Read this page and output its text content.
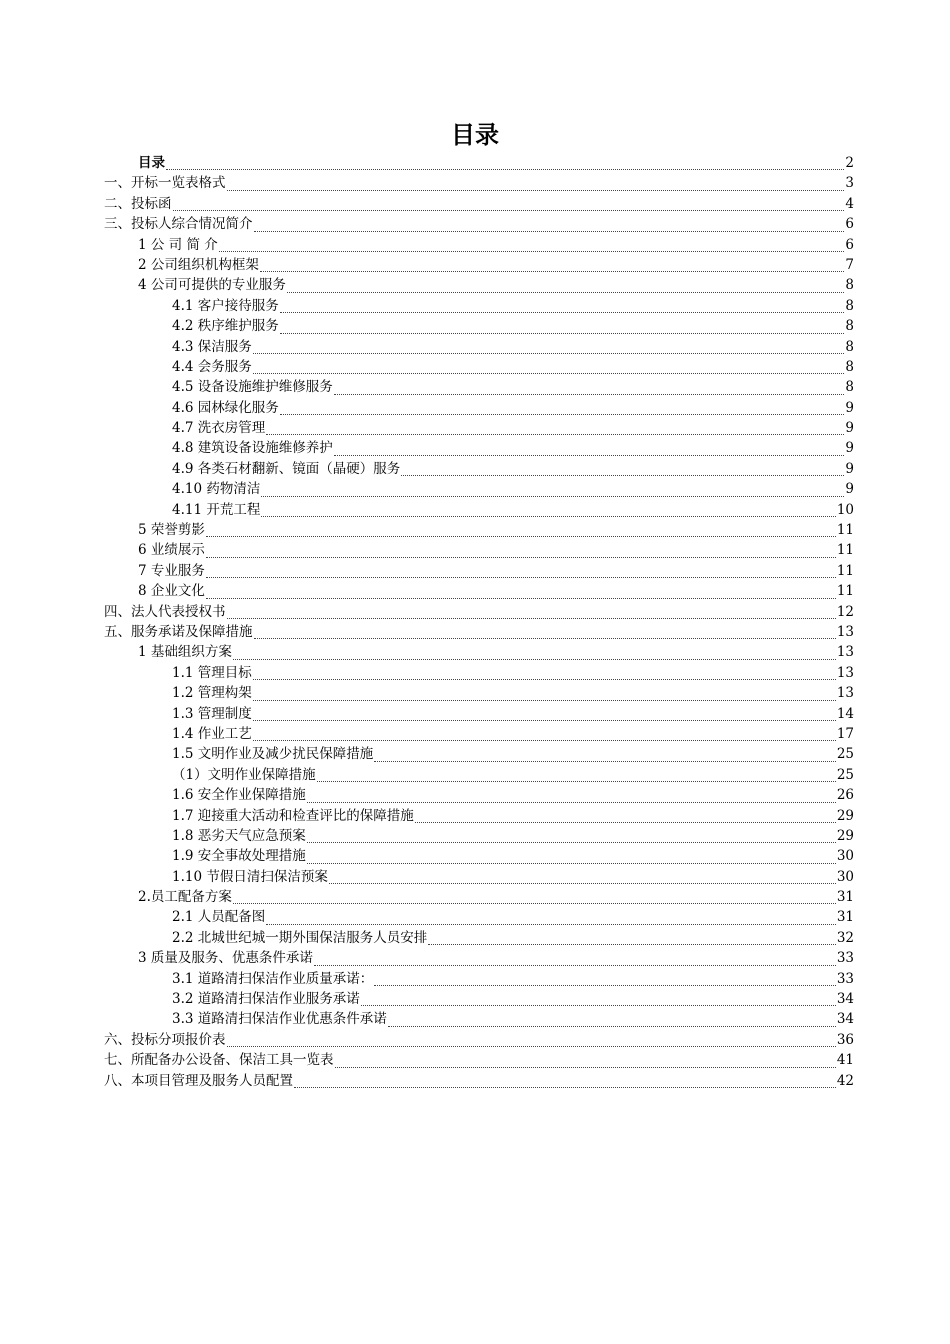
目录
目录	2
一、开标一览表格式	3
二、投标函	4
三、投标人综合情况简介	6
1 公 司 简 介	6
2 公司组织机构框架	7
4 公司可提供的专业服务	8
4.1 客户接待服务	8
4.2 秩序维护服务	8
4.3 保洁服务	8
4.4 会务服务	8
4.5 设备设施维护维修服务	8
4.6 园林绿化服务	9
4.7 洗衣房管理	9
4.8 建筑设备设施维修养护	9
4.9 各类石材翻新、镜面（晶硬）服务	9
4.10 药物清洁	9
4.11 开荒工程	10
5 荣誉剪影	11
6 业绩展示	11
7 专业服务	11
8 企业文化	11
四、法人代表授权书	12
五、服务承诺及保障措施	13
1 基础组织方案	13
1.1 管理目标	13
1.2 管理构架	13
1.3 管理制度	14
1.4 作业工艺	17
1.5 文明作业及减少扰民保障措施	25
（1）文明作业保障措施	25
1.6 安全作业保障措施	26
1.7 迎接重大活动和检查评比的保障措施	29
1.8 恶劣天气应急预案	29
1.9 安全事故处理措施	30
1.10 节假日清扫保洁预案	30
2.员工配备方案	31
2.1 人员配备图	31
2.2 北城世纪城一期外围保洁服务人员安排	32
3 质量及服务、优惠条件承诺	33
3.1 道路清扫保洁作业质量承诺：	33
3.2 道路清扫保洁作业服务承诺	34
3.3 道路清扫保洁作业优惠条件承诺	34
六、投标分项报价表	36
七、所配备办公设备、保洁工具一览表	41
八、本项目管理及服务人员配置	42
